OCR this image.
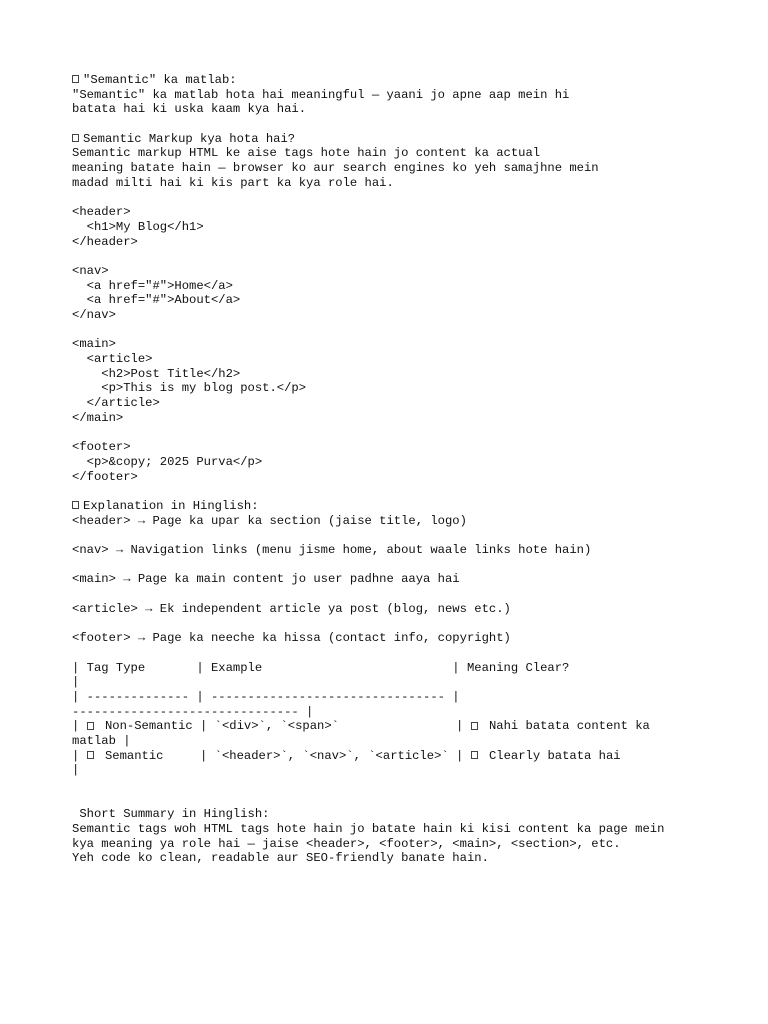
"Semantic" ka matlab:
"Semantic" ka matlab hota hai meaningful — yaani jo apne aap mein hi
batata hai ki uska kaam kya hai.
Semantic Markup kya hota hai?
Semantic markup HTML ke aise tags hote hain jo content ka actual
meaning batate hain — browser ko aur search engines ko yeh samajhne mein
madad milti hai ki kis part ka kya role hai.
<header>
<h1>My Blog</h1>
</header>
<nav>
<a href="#">Home</a>
<a href="#">About</a>
</nav>
<main>
<article>
<h2>Post Title</h2>
<p>This is my blog post.</p>
</article>
</main>
<footer>
<p>&copy; 2025 Purva</p>
</footer>
Explanation in Hinglish:
<header> → Page ka upar ka section (jaise title, logo)
<nav> → Navigation links (menu jisme home, about waale links hote hain)
<main> → Page ka main content jo user padhne aaya hai
<article> → Ek independent article ya post (blog, news etc.)
<footer> → Page ka neeche ka hissa (contact info, copyright)
| Tag Type       | Example                          | Meaning Clear?
|
| -------------- | -------------------------------- |
------------------------------- |
|  Non-Semantic | `<div>`, `<span>`                |  Nahi batata content ka
matlab |
|  Semantic     | `<header>`, `<nav>`, `<article>` |  Clearly batata hai
|
Short Summary in Hinglish:
Semantic tags woh HTML tags hote hain jo batate hain ki kisi content ka page mein
kya meaning ya role hai — jaise <header>, <footer>, <main>, <section>, etc.
Yeh code ko clean, readable aur SEO-friendly banate hain.
